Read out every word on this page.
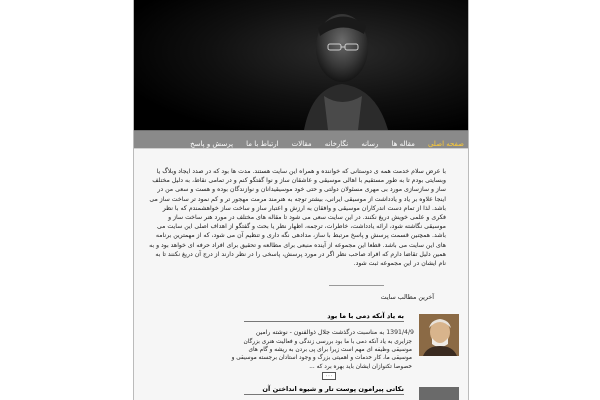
صفحه اصلی مقاله ها رسانه نگارخانه مقالات ارتباط با ما پرسش و پاسخ

با عرض سلام خدمت همه ی دوستانی که خواننده و همراه این سایت هستند. مدت ها بود که در صدد ایجاد وبلاگ یا وبسایتی بودم تا به طور مستقیم با اهالی موسیقی و عاشقان ساز و نوا گفتگو کنم و در تمامی نقاط، به دلیل مختلف ساز و سازسازی مورد بی مهری مسئولان دولتی و حتی خود موسیقیدانان و نوازندگان بوده و هست و سعی من در اینجا علاوه بر یاد و یادداشت از موسیقی ایرانی، بیشتر توجه به هنرمند مرمت مهجور تر و کم نمود تر ساخت ساز می باشد. لذا از تمام دست اندرکاران موسیقی و وافقان به ارزش و اعتبار ساز و ساخت ساز خواهشمندم که با نظر فکری و علمی خویش دریغ نکنند. در این سایت سعی می شود تا مقاله های مختلف در مورد هنر ساخت ساز و موسیقی نگاشته شود، ارائه یادداشت، خاطرات، ترجمه، اظهار نظر یا بحث و گفتگو از اهداف اصلی این سایت می باشد. همچنین قسمت پرسش و پاسخ مرتبط با ساز، مدادهی نگه داری و تنظیم آن می شود، که از مهمترین برنامه های این سایت می باشد. قطعا این مجموعه از آینده منبعی برای مطالعه و تحقیق برای افراد حرفه ای خواهد بود و به همین دلیل تقاضا دارم که افراد صاحب نظر اگر در مورد پرسش، پاسخی را در نظر دارند از درج آن دریغ نکنند تا به نام ایشان در این مجموعه ثبت شود.

آخرین مطالب سایت
به یاد آنکه دمی با ما بود
1391/4/9 به مناسبت درگذشت جلال ذوالفنون - نوشته رامین

جزایری به یاد آنکه دمی با ما بود بررسی زندگی و فعالیت هنری بزرگان موسیقی وظیفه ای مهم است زیرا برای پی بردن به ریشه و گام های موسیقی ما، کار خدمات و اهمیتی بزرگ و وجود استادان برجسته موسیقی و خصوصا تکنوازان ایشان باید بهره برد که ...

۰۰۰
نکاتی پیرامون پوست تار و شیوه انداختن آن
